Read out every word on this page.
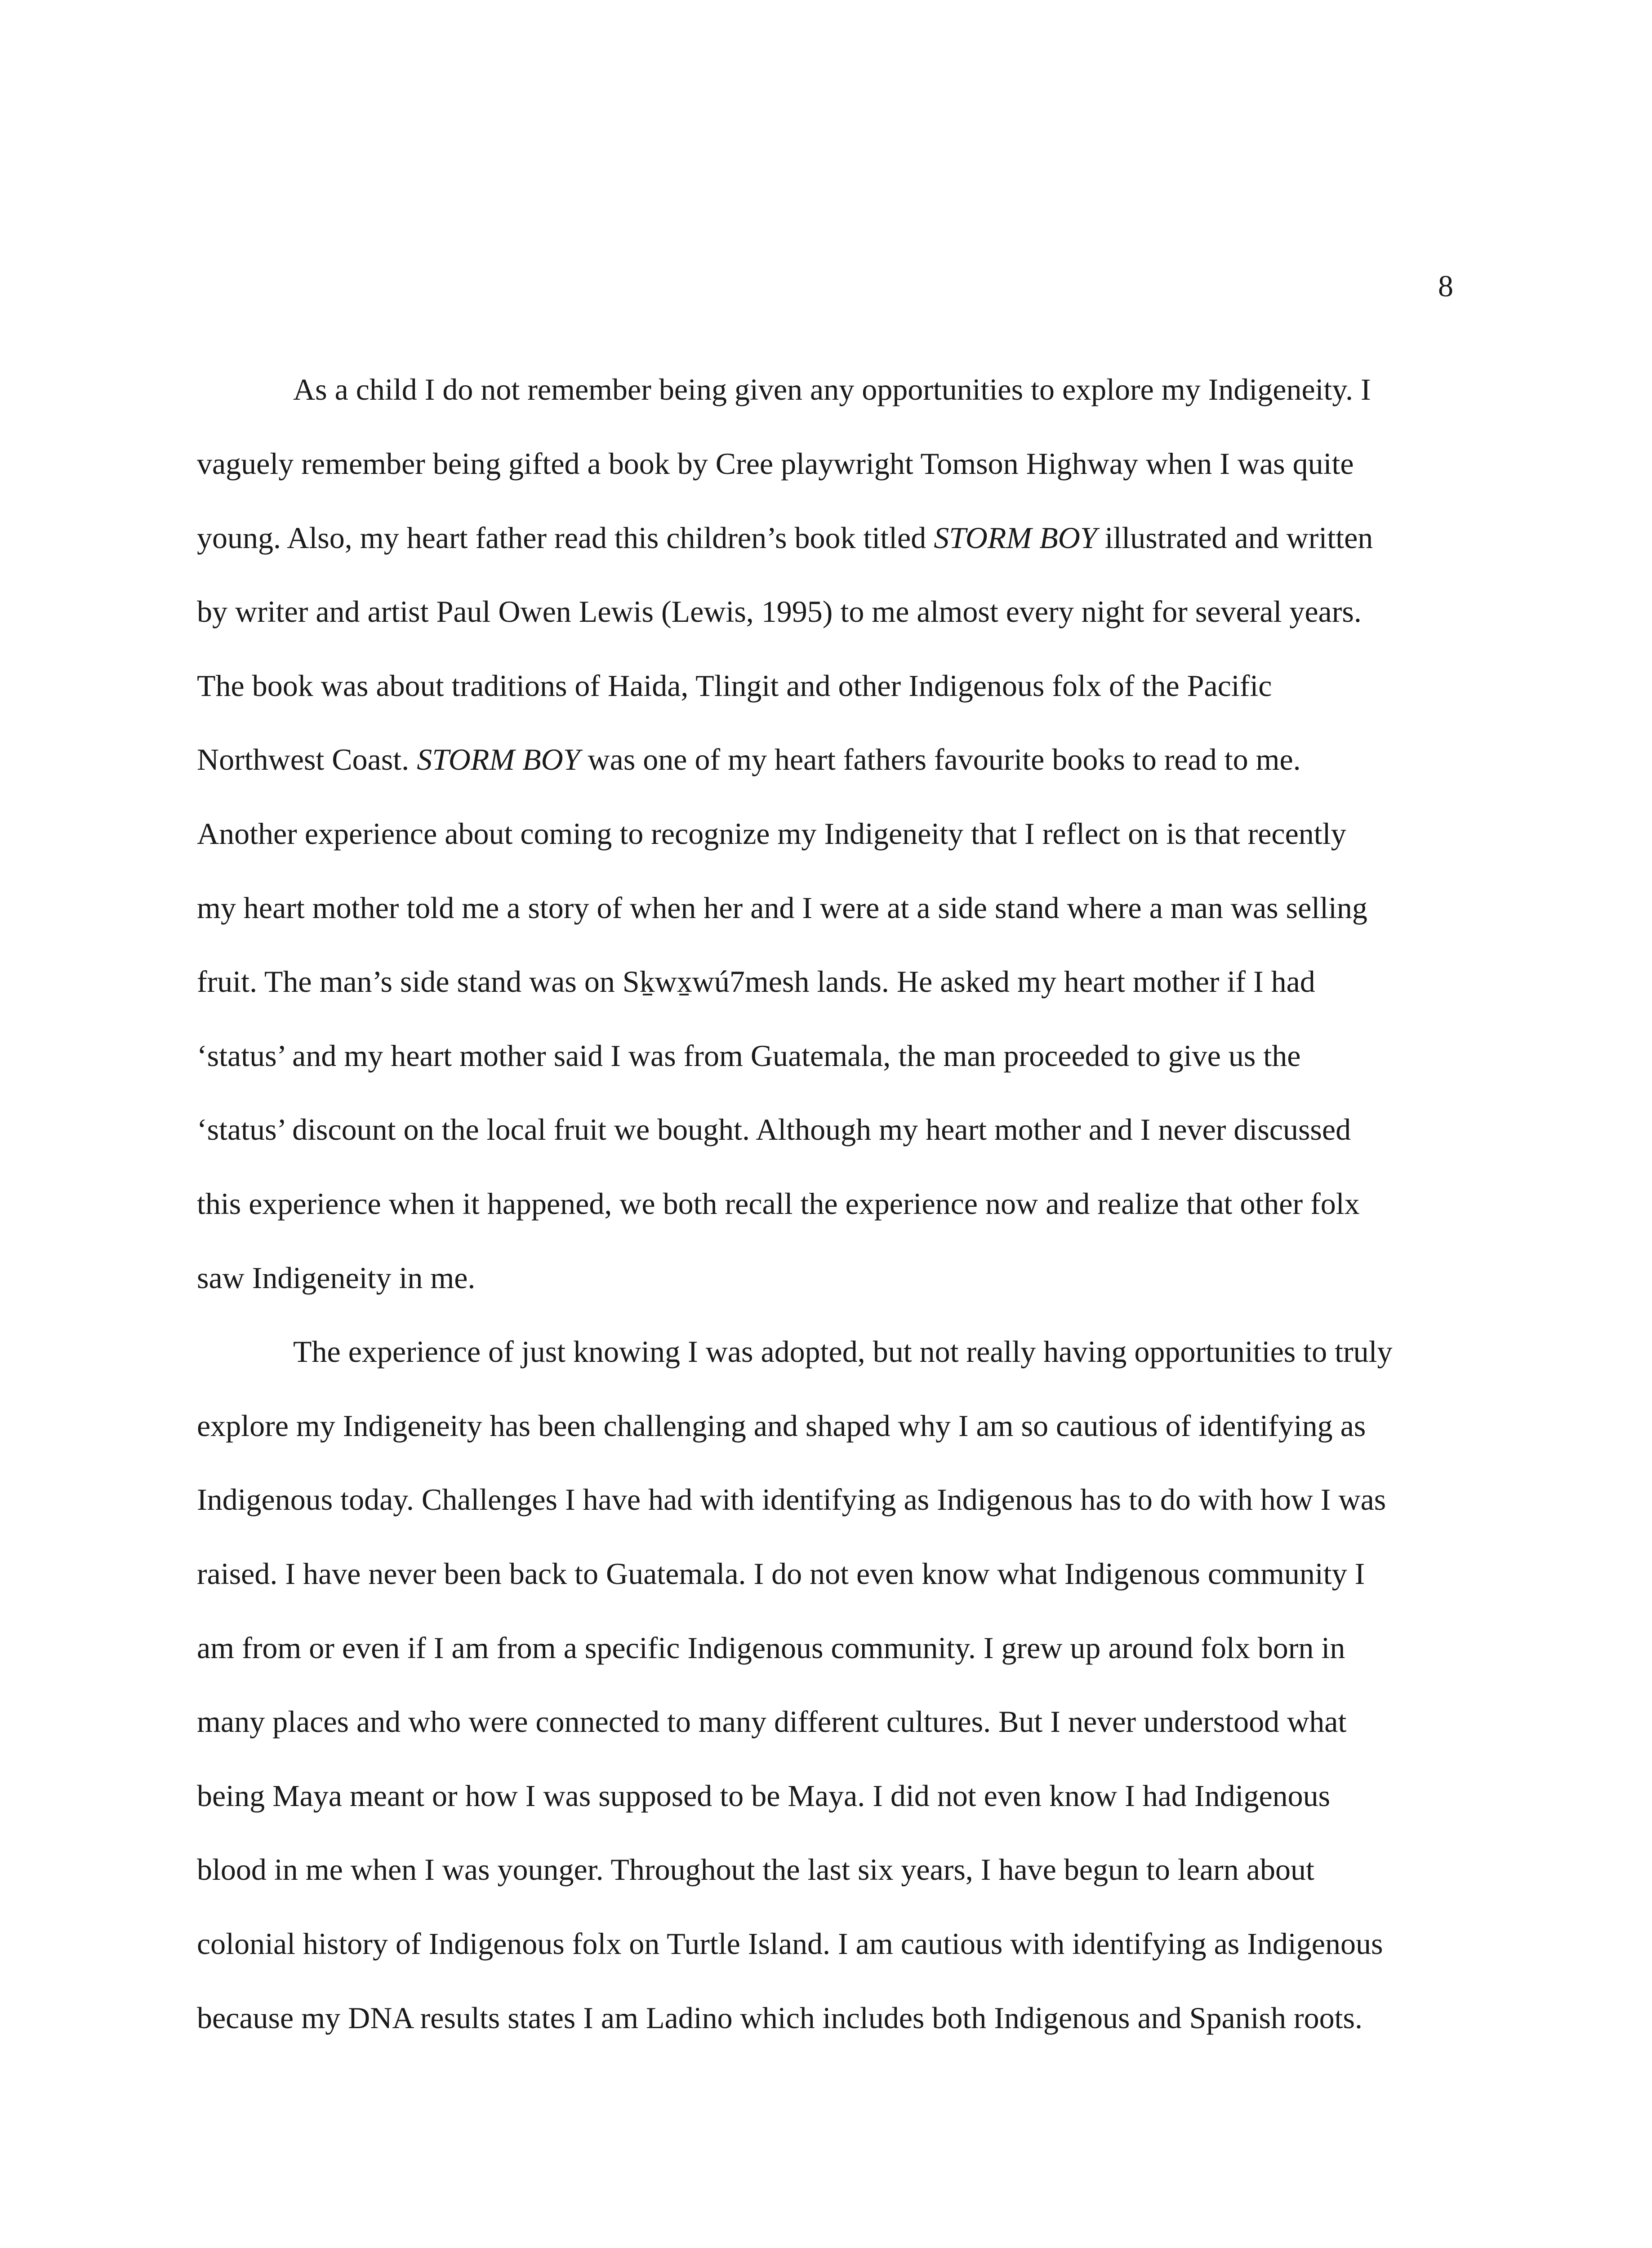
8
As a child I do not remember being given any opportunities to explore my Indigeneity. I
vaguely remember being gifted a book by Cree playwright Tomson Highway when I was quite
young. Also, my heart father read this children’s book titled STORM BOY illustrated and written
by writer and artist Paul Owen Lewis (Lewis, 1995) to me almost every night for several years.
The book was about traditions of Haida, Tlingit and other Indigenous folx of the Pacific
Northwest Coast. STORM BOY was one of my heart fathers favourite books to read to me.
Another experience about coming to recognize my Indigeneity that I reflect on is that recently
my heart mother told me a story of when her and I were at a side stand where a man was selling
fruit. The man’s side stand was on Sḵwx̱wú7mesh lands. He asked my heart mother if I had
‘status’ and my heart mother said I was from Guatemala, the man proceeded to give us the
‘status’ discount on the local fruit we bought. Although my heart mother and I never discussed
this experience when it happened, we both recall the experience now and realize that other folx
saw Indigeneity in me.
The experience of just knowing I was adopted, but not really having opportunities to truly
explore my Indigeneity has been challenging and shaped why I am so cautious of identifying as
Indigenous today. Challenges I have had with identifying as Indigenous has to do with how I was
raised. I have never been back to Guatemala. I do not even know what Indigenous community I
am from or even if I am from a specific Indigenous community. I grew up around folx born in
many places and who were connected to many different cultures. But I never understood what
being Maya meant or how I was supposed to be Maya. I did not even know I had Indigenous
blood in me when I was younger. Throughout the last six years, I have begun to learn about
colonial history of Indigenous folx on Turtle Island. I am cautious with identifying as Indigenous
because my DNA results states I am Ladino which includes both Indigenous and Spanish roots.
